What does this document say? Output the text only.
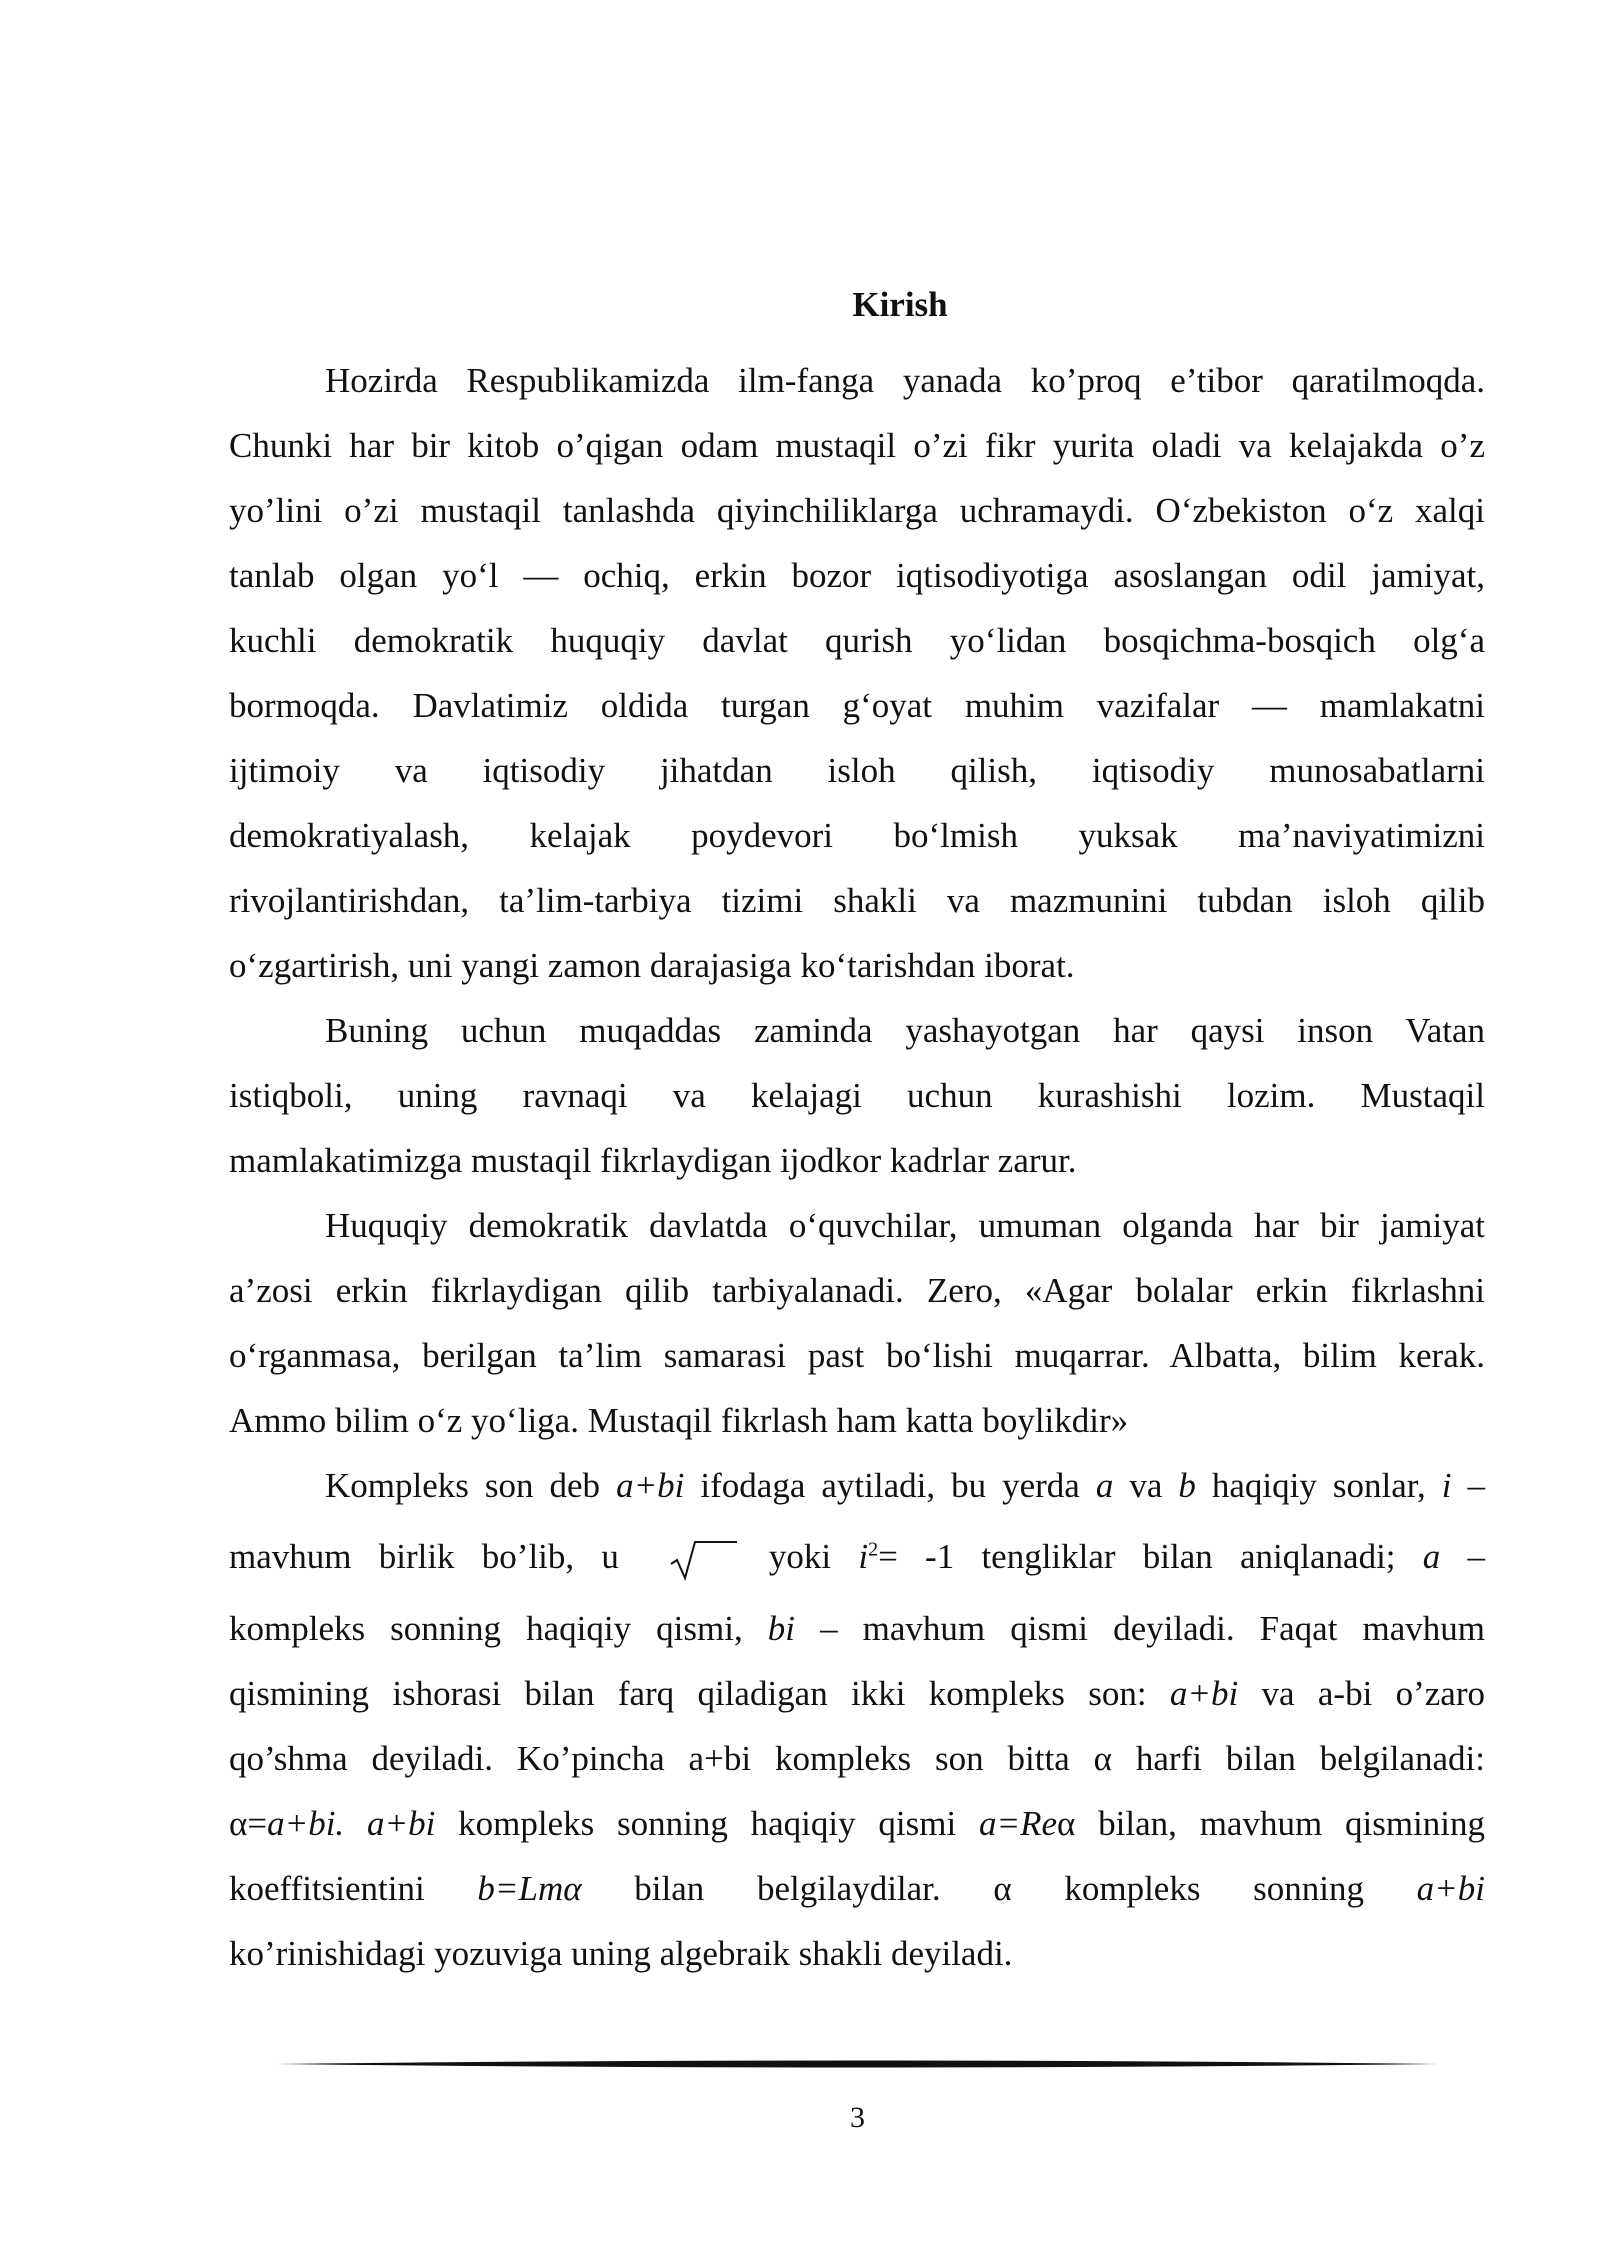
Kirish
Hozirda Respublikamizda ilm-fanga yanada ko’proq e’tibor qaratilmoqda.
Chunki har bir kitob o’qigan odam mustaqil o’zi fikr yurita oladi va kelajakda o’z
yo’lini o’zi mustaqil tanlashda qiyinchiliklarga uchramaydi. O‘zbekiston o‘z xalqi
tanlab olgan yo‘l — ochiq, erkin bozor iqtisodiyotiga asoslangan odil jamiyat,
kuchli demokratik huquqiy davlat qurish yo‘lidan bosqichma-bosqich olg‘a
bormoqda. Davlatimiz oldida turgan g‘oyat muhim vazifalar — mamlakatni
ijtimoiy va iqtisodiy jihatdan isloh qilish, iqtisodiy munosabatlarni
demokratiyalash, kelajak poydevori bo‘lmish yuksak ma’naviyatimizni
rivojlantirishdan, ta’lim-tarbiya tizimi shakli va mazmunini tubdan isloh qilib
o‘zgartirish, uni yangi zamon darajasiga ko‘tarishdan iborat.
Buning uchun muqaddas zaminda yashayotgan har qaysi inson Vatan
istiqboli, uning ravnaqi va kelajagi uchun kurashishi lozim. Mustaqil
mamlakatimizga mustaqil fikrlaydigan ijodkor kadrlar zarur.
Huquqiy demokratik davlatda o‘quvchilar, umuman olganda har bir jamiyat
a’zosi erkin fikrlaydigan qilib tarbiyalanadi. Zero, «Agar bolalar erkin fikrlashni
o‘rganmasa, berilgan ta’lim samarasi past bo‘lishi muqarrar. Albatta, bilim kerak.
Ammo bilim o‘z yo‘liga. Mustaqil fikrlash ham katta boylikdir»
Kompleks son deb a+bi ifodaga aytiladi, bu yerda a va b haqiqiy sonlar, i –
mavhum birlik bo’lib, u	yoki $i^2= -1$ tengliklar bilan aniqlanadi; a –
kompleks sonning haqiqiy qismi, bi – mavhum qismi deyiladi. Faqat mavhum
qismining ishorasi bilan farq qiladigan ikki kompleks son: a+bi va a-bi o’zaro
qo’shma deyiladi. Ko’pincha a+bi kompleks son bitta α harfi bilan belgilanadi:
α=a+bi. a+bi kompleks sonning haqiqiy qismi a=Reα bilan, mavhum qismining
koeffitsientini b=Lmα bilan belgilaydilar. α kompleks sonning a+bi
ko’rinishidagi yozuviga uning algebraik shakli deyiladi.
3
